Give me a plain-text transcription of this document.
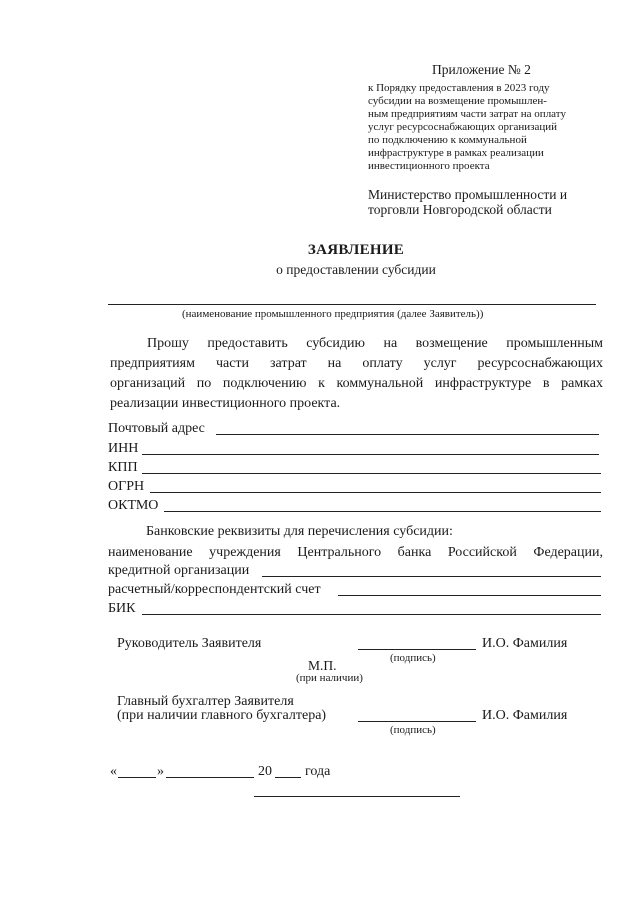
Приложение № 2
к Порядку предоставления в 2023 году
субсидии на возмещение промышлен-
ным предприятиям части затрат на оплату
услуг ресурсоснабжающих организаций
по подключению к коммунальной
инфраструктуре в рамках реализации
инвестиционного проекта
Министерство промышленности и
торговли Новгородской области
ЗАЯВЛЕНИЕ
о предоставлении субсидии
(наименование промышленного предприятия (далее Заявитель))
Прошу предоставить субсидию на возмещение промышленным
предприятиям части затрат на оплату услуг ресурсоснабжающих
организаций по подключению к коммунальной инфраструктуре в рамках
реализации инвестиционного проекта.
Почтовый адрес
ИНН
КПП
ОГРН
ОКТМО
Банковские реквизиты для перечисления субсидии:
наименование учреждения Центрального банка Российской Федерации,
кредитной организации
расчетный/корреспондентский счет
БИК
Руководитель Заявителя	И.О. Фамилия
(подпись)
М.П.
(при наличии)
Главный бухгалтер Заявителя
(при наличии главного бухгалтера)	И.О. Фамилия
(подпись)
«	»	20 года
